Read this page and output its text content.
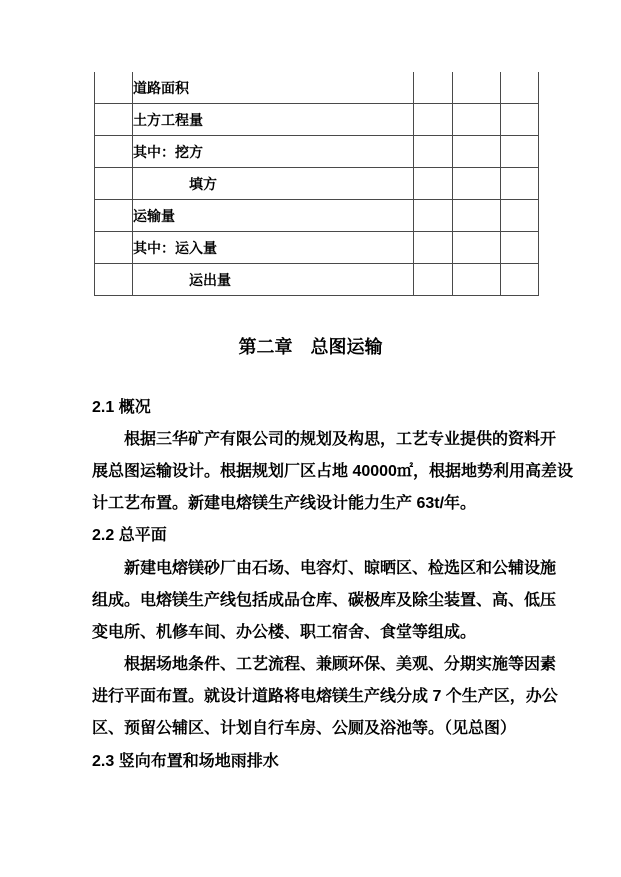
	道路面积			
	土方工程量			
	其中：挖方			
	填方			
	运输量			
	其中：运入量			
	运出量			
第二章　总图运输
2.1 概况
根据三华矿产有限公司的规划及构思，工艺专业提供的资料开
展总图运输设计。根据规划厂区占地 40000㎡，根据地势利用高差设
计工艺布置。新建电熔镁生产线设计能力生产 63t/年。
2.2 总平面
新建电熔镁砂厂由石场、电容灯、晾晒区、检选区和公辅设施
组成。电熔镁生产线包括成品仓库、碳极库及除尘装置、高、低压
变电所、机修车间、办公楼、职工宿舍、食堂等组成。
根据场地条件、工艺流程、兼顾环保、美观、分期实施等因素
进行平面布置。就设计道路将电熔镁生产线分成 7 个生产区，办公
区、预留公辅区、计划自行车房、公厕及浴池等。（见总图）
2.3 竖向布置和场地雨排水
